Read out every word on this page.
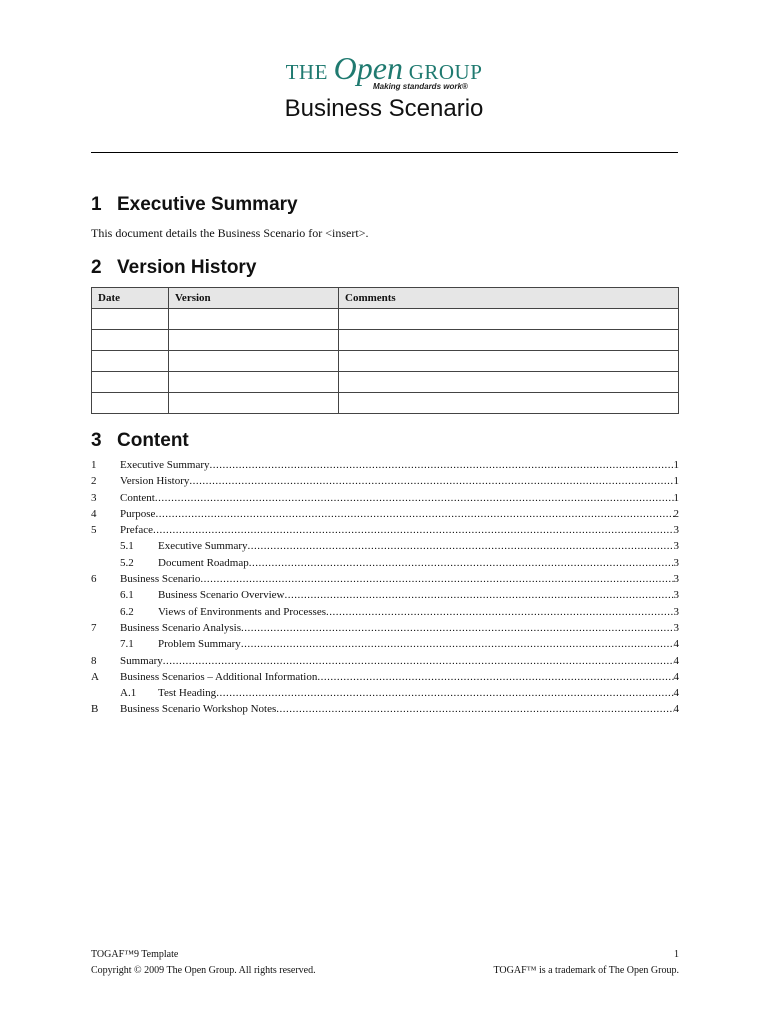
THE Open GROUP
Making standards work®
Business Scenario
1 Executive Summary
This document details the Business Scenario for <insert>.
2 Version History
Date	Version	Comments

3 Content
1	Executive Summary .....	1
2	Version History .....	1
3	Content .....	1
4	Purpose .....	2
5	Preface .....	3
5.1	Executive Summary .....	3
5.2	Document Roadmap .....	3
6	Business Scenario .....	3
6.1	Business Scenario Overview .....	3
6.2	Views of Environments and Processes .....	3
7	Business Scenario Analysis .....	3
7.1	Problem Summary .....	4
8	Summary .....	4
A	Business Scenarios – Additional Information .....	4
A.1	Test Heading .....	4
B	Business Scenario Workshop Notes .....	4
TOGAF™9 Template	1
Copyright © 2009 The Open Group. All rights reserved.	TOGAF™ is a trademark of The Open Group.
